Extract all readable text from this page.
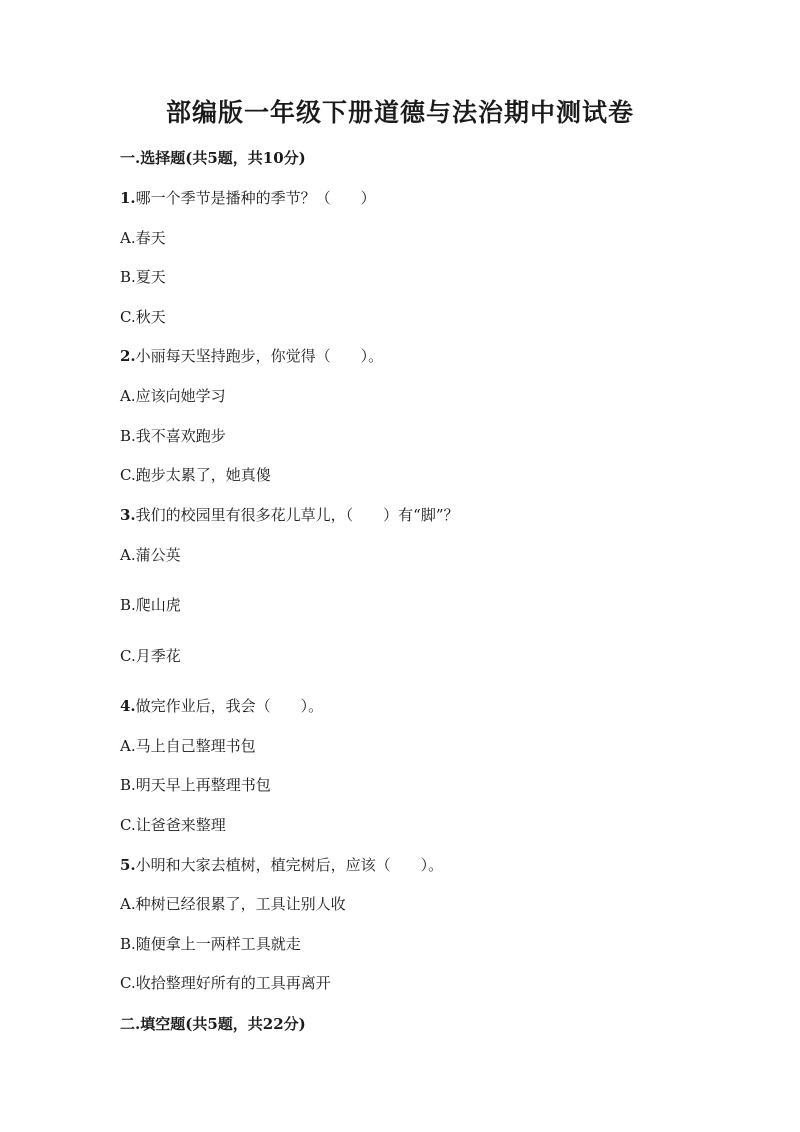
部编版一年级下册道德与法治期中测试卷
一.选择题(共5题，共10分)
1.哪一个季节是播种的季节？（　　）
A.春天
B.夏天
C.秋天
2.小丽每天坚持跑步，你觉得（　　）。
A.应该向她学习
B.我不喜欢跑步
C.跑步太累了，她真傻
3.我们的校园里有很多花儿草儿，（　　）有“脚”？
A.蒲公英
B.爬山虎
C.月季花
4.做完作业后，我会（　　）。
A.马上自己整理书包
B.明天早上再整理书包
C.让爸爸来整理
5.小明和大家去植树，植完树后，应该（　　）。
A.种树已经很累了，工具让别人收
B.随便拿上一两样工具就走
C.收拾整理好所有的工具再离开
二.填空题(共5题，共22分)
